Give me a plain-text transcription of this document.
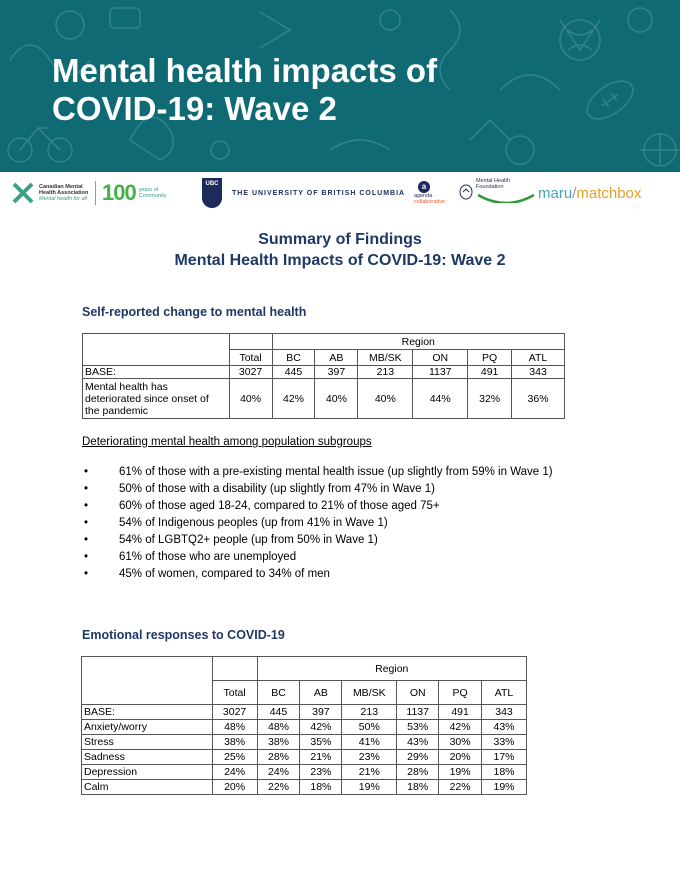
Mental health impacts of
COVID-19: Wave 2
Canadian Mental
Health Association
Mental health for all 100 years of
Community
UBC
THE UNIVERSITY OF BRITISH COLUMBIA
a
agenda
collaborative
Mental Health
Foundation	maru / matchbox
Summary of Findings
Mental Health Impacts of COVID-19: Wave 2
Self-reported change to mental health
		Region					
	Total	BC	AB	MB/SK	ON	PQ	ATL
BASE:	3027	445	397	213	1137	491	343

Mental health has
deteriorated since onset of
the pandemic	40%	42%	40%	40%	44%	32%	36%
Deteriorating mental health among population subgroups
•	61% of those with a pre-existing mental health issue (up slightly from 59% in Wave 1)
•	50% of those with a disability (up slightly from 47% in Wave 1)
•	60% of those aged 18-24, compared to 21% of those aged 75+
•	54% of Indigenous peoples (up from 41% in Wave 1)
•	54% of LGBTQ2+ people (up from 50% in Wave 1)
•	61% of those who are unemployed
•	45% of women, compared to 34% of men
Emotional responses to COVID-19
		Region					
	Total	BC	AB	MB/SK	ON	PQ	ATL
BASE:	3027	445	397	213	1137	491	343
Anxiety/worry	48%	48%	42%	50%	53%	42%	43%
Stress	38%	38%	35%	41%	43%	30%	33%
Sadness	25%	28%	21%	23%	29%	20%	17%
Depression	24%	24%	23%	21%	28%	19%	18%
Calm	20%	22%	18%	19%	18%	22%	19%
